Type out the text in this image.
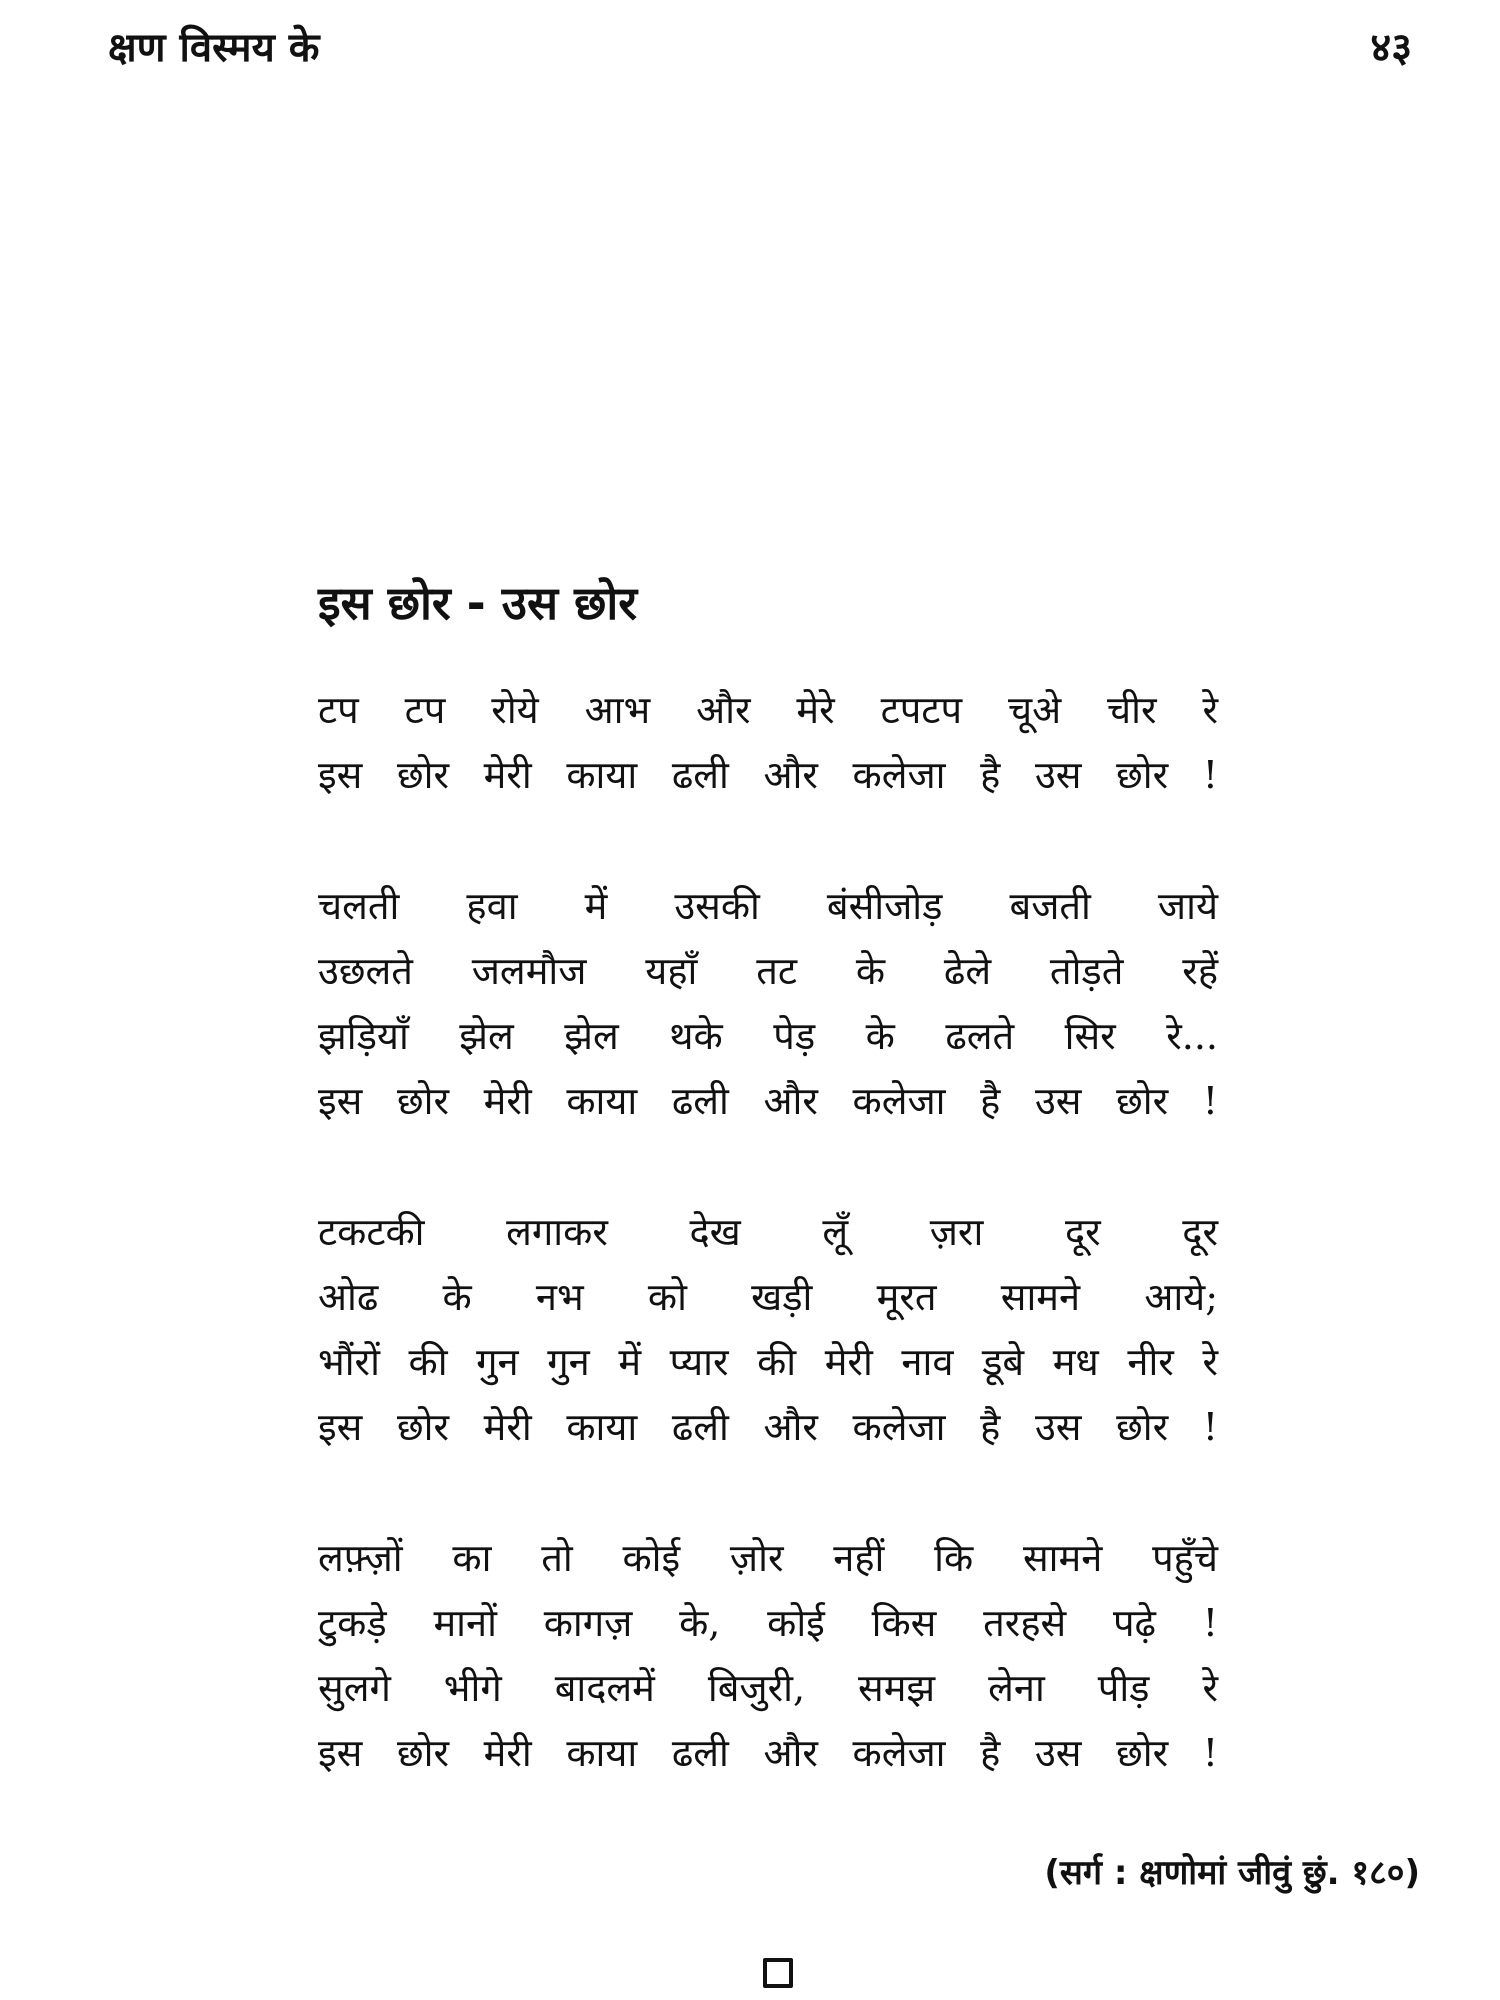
क्षण विस्मय के	४३
इस छोर - उस छोर
टप टप रोये आभ और मेरे टपटप चूअे चीर रे
इस छोर मेरी काया ढली और कलेजा है उस छोर !
चलती हवा में उसकी बंसीजोड़ बजती जाये
उछलते जलमौज यहाँ तट के ढेले तोड़ते रहें
झड़ियाँ झेल झेल थके पेड़ के ढलते सिर रे...
इस छोर मेरी काया ढली और कलेजा है उस छोर !
टकटकी लगाकर देख लूँ ज़रा दूर दूर
ओढ के नभ को खड़ी मूरत सामने आये;
भौंरों की गुन गुन में प्यार की मेरी नाव डूबे मध नीर रे
इस छोर मेरी काया ढली और कलेजा है उस छोर !
लफ़्ज़ों का तो कोई ज़ोर नहीं कि सामने पहुँचे
टुकड़े मानों कागज़ के, कोई किस तरहसे पढ़े !
सुलगे भीगे बादलमें बिजुरी, समझ लेना पीड़ रे
इस छोर मेरी काया ढली और कलेजा है उस छोर !
(सर्ग : क्षणोमां जीवुं छुं. १८०)
